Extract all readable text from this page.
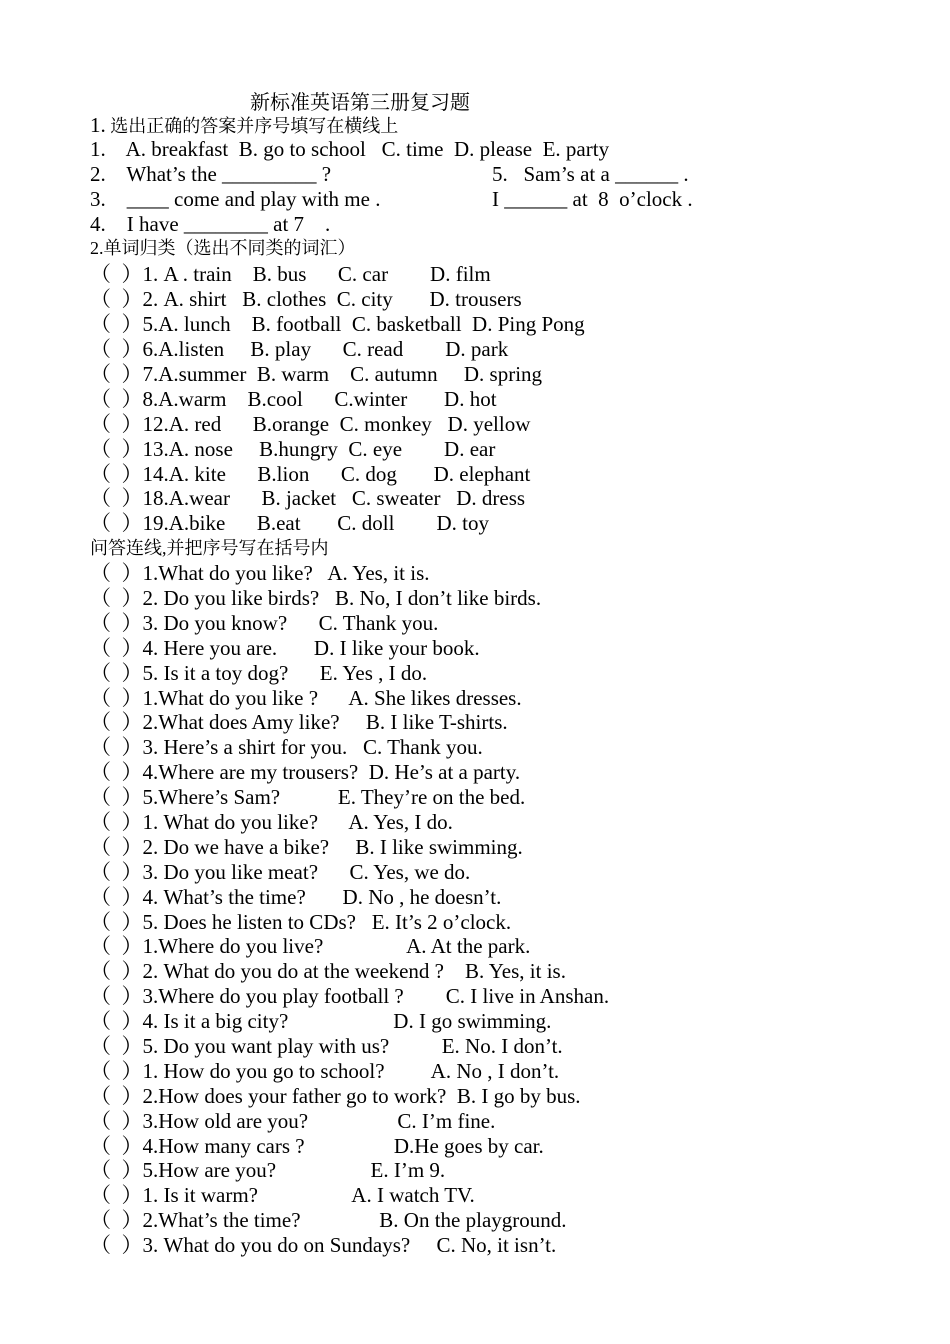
新标准英语第三册复习题
1. 选出正确的答案并序号填写在横线上
1.    A. breakfast  B. go to school   C. time  D. please  E. party
2.    What’s the _________ ?	5.   Sam’s at a ______ .
3.    ____ come and play with me .	I ______ at  8  o’clock .
4.    I have ________ at 7    .
2.单词归类（选出不同类的词汇）
（  ）1. A . train    B. bus      C. car        D. film
（  ）2. A. shirt   B. clothes  C. city       D. trousers
（  ）5.A. lunch    B. football  C. basketball  D. Ping Pong
（  ）6.A.listen     B. play      C. read        D. park
（  ）7.A.summer  B. warm    C. autumn     D. spring
（  ）8.A.warm    B.cool      C.winter       D. hot
（  ）12.A. red      B.orange  C. monkey   D. yellow
（  ）13.A. nose     B.hungry  C. eye        D. ear
（  ）14.A. kite      B.lion      C. dog       D. elephant
（  ）18.A.wear      B. jacket   C. sweater   D. dress
（  ）19.A.bike      B.eat       C. doll        D. toy
问答连线,并把序号写在括号内
（  ）1.What do you like?   A. Yes, it is.
（  ）2. Do you like birds?   B. No, I don’t like birds.
（  ）3. Do you know?      C. Thank you.
（  ）4. Here you are.       D. I like your book.
（  ）5. Is it a toy dog?      E. Yes , I do.
（  ）1.What do you like ?      A. She likes dresses.
（  ）2.What does Amy like?     B. I like T-shirts.
（  ）3. Here’s a shirt for you.   C. Thank you.
（  ）4.Where are my trousers?  D. He’s at a party.
（  ）5.Where’s Sam?           E. They’re on the bed.
（  ）1. What do you like?      A. Yes, I do.
（  ）2. Do we have a bike?     B. I like swimming.
（  ）3. Do you like meat?      C. Yes, we do.
（  ）4. What’s the time?       D. No , he doesn’t.
（  ）5. Does he listen to CDs?   E. It’s 2 o’clock.
（  ）1.Where do you live?                A. At the park.
（  ）2. What do you do at the weekend ?    B. Yes, it is.
（  ）3.Where do you play football ?        C. I live in Anshan.
（  ）4. Is it a big city?                    D. I go swimming.
（  ）5. Do you want play with us?          E. No. I don’t.
（  ）1. How do you go to school?         A. No , I don’t.
（  ）2.How does your father go to work?  B. I go by bus.
（  ）3.How old are you?                 C. I’m fine.
（  ）4.How many cars ?                 D.He goes by car.
（  ）5.How are you?                  E. I’m 9.
（  ）1. Is it warm?                  A. I watch TV.
（  ）2.What’s the time?               B. On the playground.
（  ）3. What do you do on Sundays?     C. No, it isn’t.
